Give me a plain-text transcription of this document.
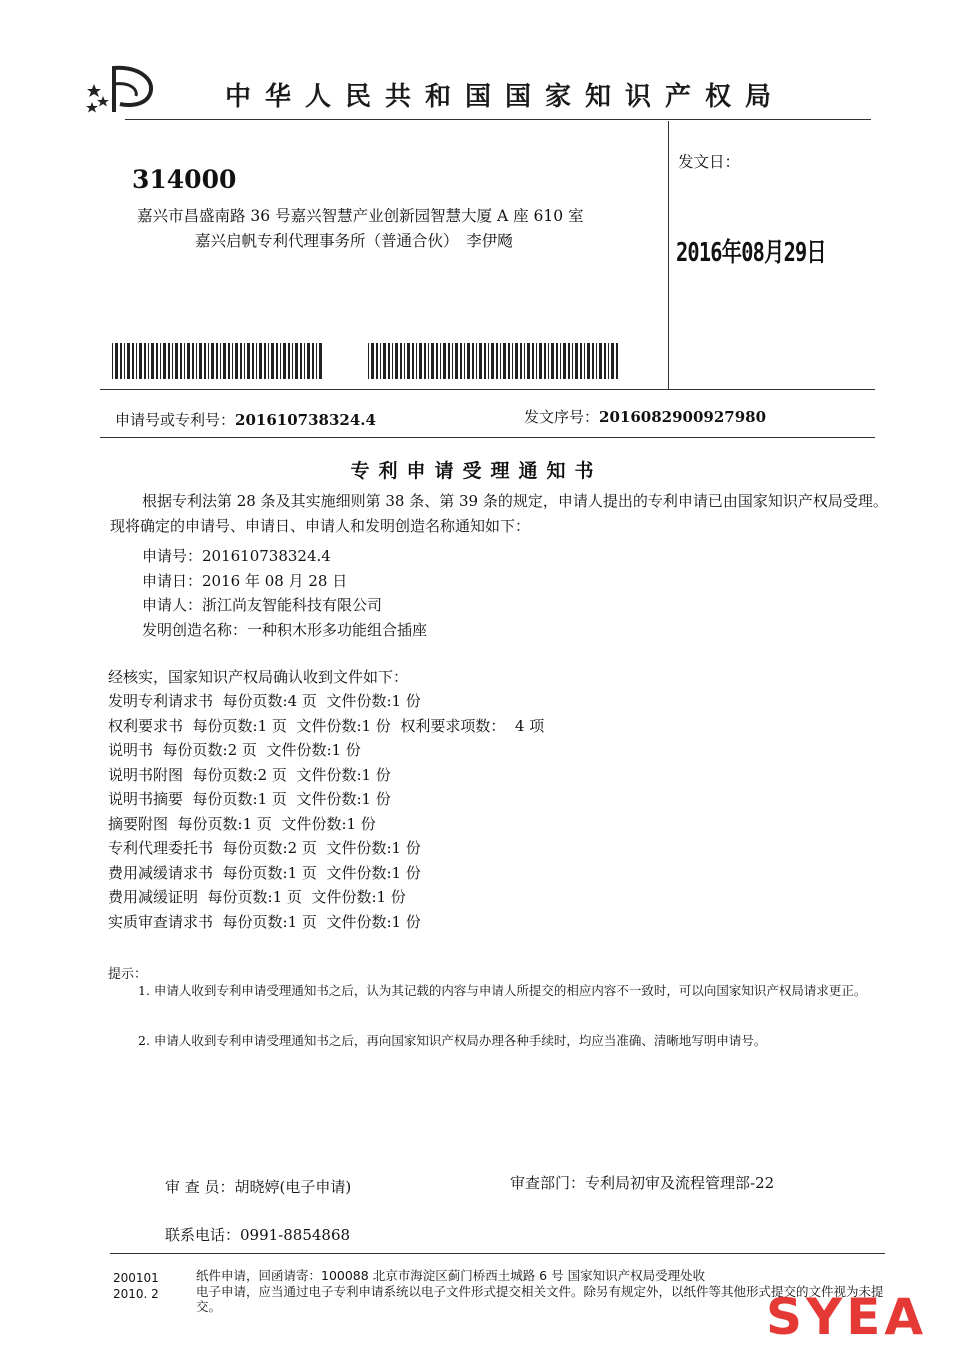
中华人民共和国国家知识产权局
314000
嘉兴市昌盛南路 36 号嘉兴智慧产业创新园智慧大厦 A 座 610 室
嘉兴启帆专利代理事务所（普通合伙）　李伊飏
发文日：
2016年08月29日
申请号或专利号：201610738324.4	发文序号：2016082900927980
专利申请受理通知书
根据专利法第 28 条及其实施细则第 38 条、第 39 条的规定，申请人提出的专利申请已由国家知识产权局受理。现将确定的申请号、申请日、申请人和发明创造名称通知如下：
申请号：201610738324.4
申请日：2016 年 08 月 28 日
申请人：浙江尚友智能科技有限公司
发明创造名称：一种积木形多功能组合插座
经核实，国家知识产权局确认收到文件如下：
发明专利请求书  每份页数:4 页  文件份数:1 份
权利要求书  每份页数:1 页  文件份数:1 份  权利要求项数：  4 项
说明书  每份页数:2 页  文件份数:1 份
说明书附图  每份页数:2 页  文件份数:1 份
说明书摘要  每份页数:1 页  文件份数:1 份
摘要附图  每份页数:1 页  文件份数:1 份
专利代理委托书  每份页数:2 页  文件份数:1 份
费用减缓请求书  每份页数:1 页  文件份数:1 份
费用减缓证明  每份页数:1 页  文件份数:1 份
实质审查请求书  每份页数:1 页  文件份数:1 份
提示：
1. 申请人收到专利申请受理通知书之后，认为其记载的内容与申请人所提交的相应内容不一致时，可以向国家知识产权局请求更正。
2. 申请人收到专利申请受理通知书之后，再向国家知识产权局办理各种手续时，均应当准确、清晰地写明申请号。
审 查 员：胡晓婷(电子申请)	审查部门：专利局初审及流程管理部-22
联系电话：0991-8854868
200101
2010. 2
纸件申请，回函请寄：100088 北京市海淀区蓟门桥西土城路 6 号 国家知识产权局受理处收
电子申请，应当通过电子专利申请系统以电子文件形式提交相关文件。除另有规定外，以纸件等其他形式提交的文件视为未提交。	SYEA
